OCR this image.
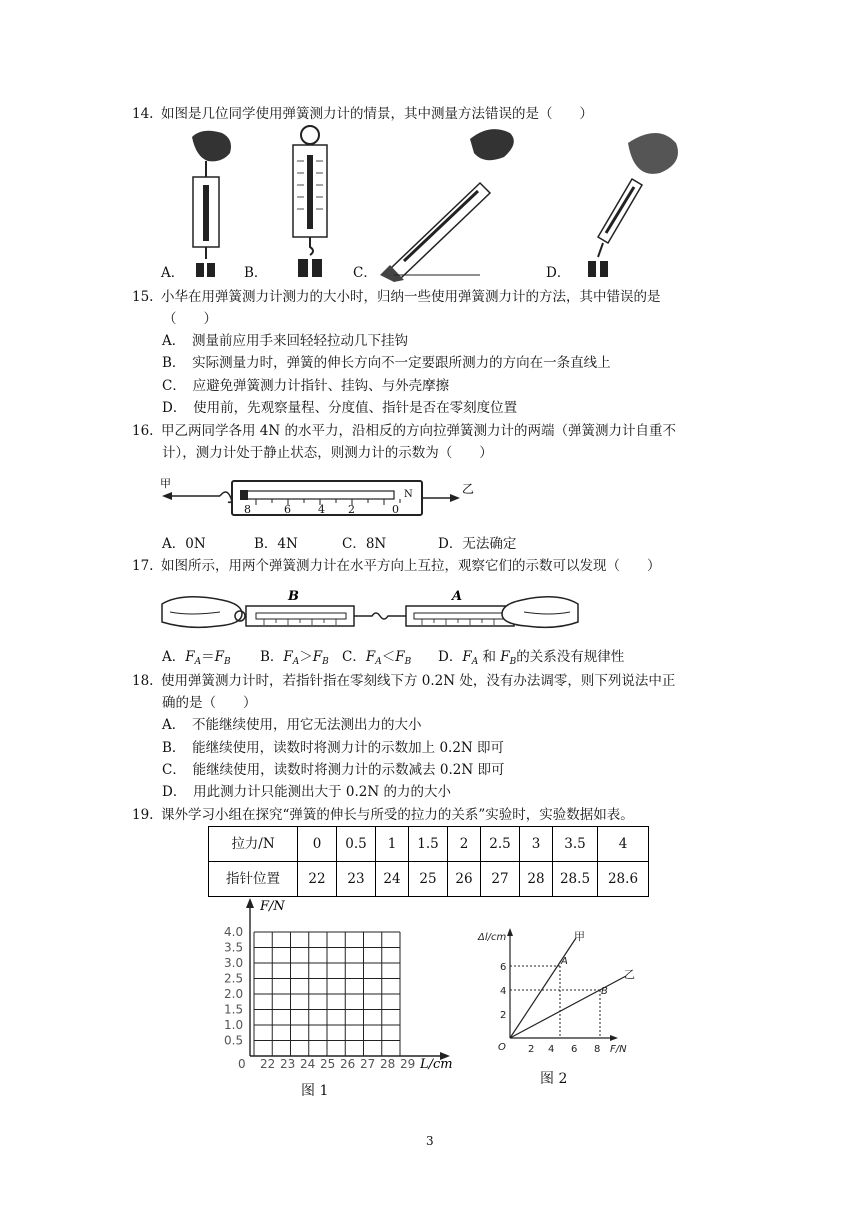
14. 如图是几位同学使用弹簧测力计的情景，其中测量方法错误的是（　　）
A．	B．	C．	D．
15. 小华在用弹簧测力计测力的大小时，归纳一些使用弹簧测力计的方法，其中错误的是
（　　）
A．　测量前应用手来回轻轻拉动几下挂钩
B．　实际测量力时，弹簧的伸长方向不一定要跟所测力的方向在一条直线上
C．　应避免弹簧测力计指针、挂钩、与外壳摩擦
D．　使用前，先观察量程、分度值、指针是否在零刻度位置
16. 甲乙两同学各用 4N 的水平力，沿相反的方向拉弹簧测力计的两端（弹簧测力计自重不
计），测力计处于静止状态，则测力计的示数为（　　）
甲	乙
8	6 4 2	0
N
A．0N	B．4N	C．8N	D．无法确定
17. 如图所示，用两个弹簧测力计在水平方向上互拉，观察它们的示数可以发现（　　）
B	A
A．$F_A=F_B$ B．$F_A>F_B$ C．$F_A<F_B$ D．$F_A$ 和 $F_B$的关系没有规律性
18. 使用弹簧测力计时，若指针指在零刻线下方 0.2N 处，没有办法调零，则下列说法中正
确的是（　　）
A．　不能继续使用，用它无法测出力的大小
B．　能继续使用，读数时将测力计的示数加上 0.2N 即可
C．　能继续使用，读数时将测力计的示数减去 0.2N 即可
D．　用此测力计只能测出大于 0.2N 的力的大小
19. 课外学习小组在探究“弹簧的伸长与所受的拉力的关系”实验时，实验数据如表。
拉力/N	0	0.5	1	1.5	2	2.5	3	3.5	4
指针位置	22	23	24	25	26	27	28	28.5	28.6
4.0
3.5
3.0
2.5
2.0
1.5
1.0
0.5
22 23 24 25 26 27 28 29
F/N
L/cm
0
图 1
Δl/cm
F/N
O
2
4
6
2 4 6 8
甲
乙
A
B
图 2
3
